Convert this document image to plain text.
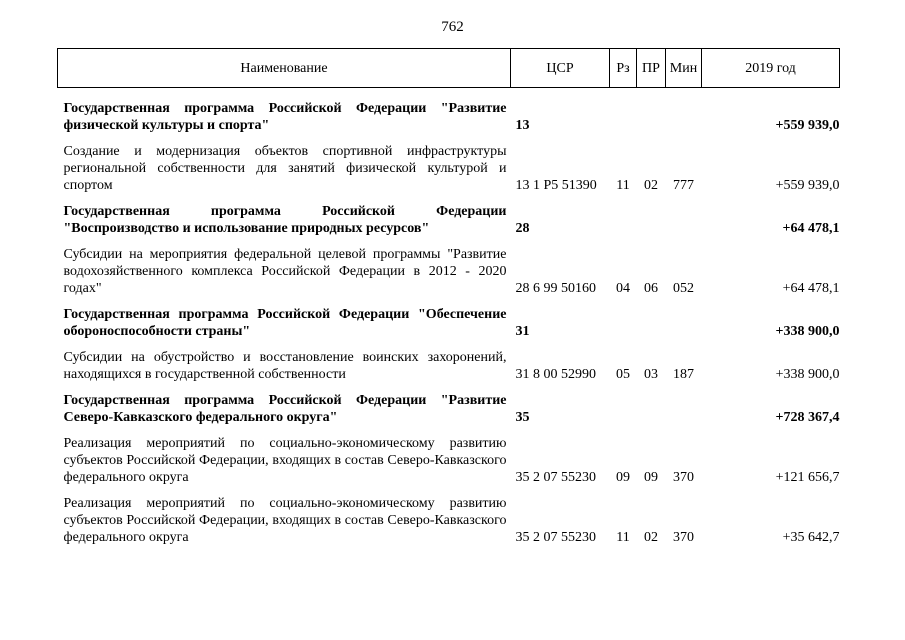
762
Наименование	ЦСР	Рз	ПР	Мин	2019 год

Государственная программа Российской Федерации "Развитие физической культуры и спорта"	13				+559 939,0

Создание и модернизация объектов спортивной инфраструктуры региональной собственности для занятий физической культурой и спортом	13 1 P5 51390	11	02	777	+559 939,0

Государственная программа Российской Федерации "Воспроизводство и использование природных ресурсов"	28				+64 478,1

Субсидии на мероприятия федеральной целевой программы "Развитие водохозяйственного комплекса Российской Федерации в 2012 - 2020 годах"	28 6 99 50160	04	06	052	+64 478,1

Государственная программа Российской Федерации "Обеспечение обороноспособности страны"	31				+338 900,0

Субсидии на обустройство и восстановление воинских захоронений, находящихся в государственной собственности	31 8 00 52990	05	03	187	+338 900,0

Государственная программа Российской Федерации "Развитие Северо-Кавказского федерального округа"	35				+728 367,4

Реализация мероприятий по социально-экономическому развитию субъектов Российской Федерации, входящих в состав Северо-Кавказского федерального округа	35 2 07 55230	09	09	370	+121 656,7

Реализация мероприятий по социально-экономическому развитию субъектов Российской Федерации, входящих в состав Северо-Кавказского федерального округа	35 2 07 55230	11	02	370	+35 642,7
